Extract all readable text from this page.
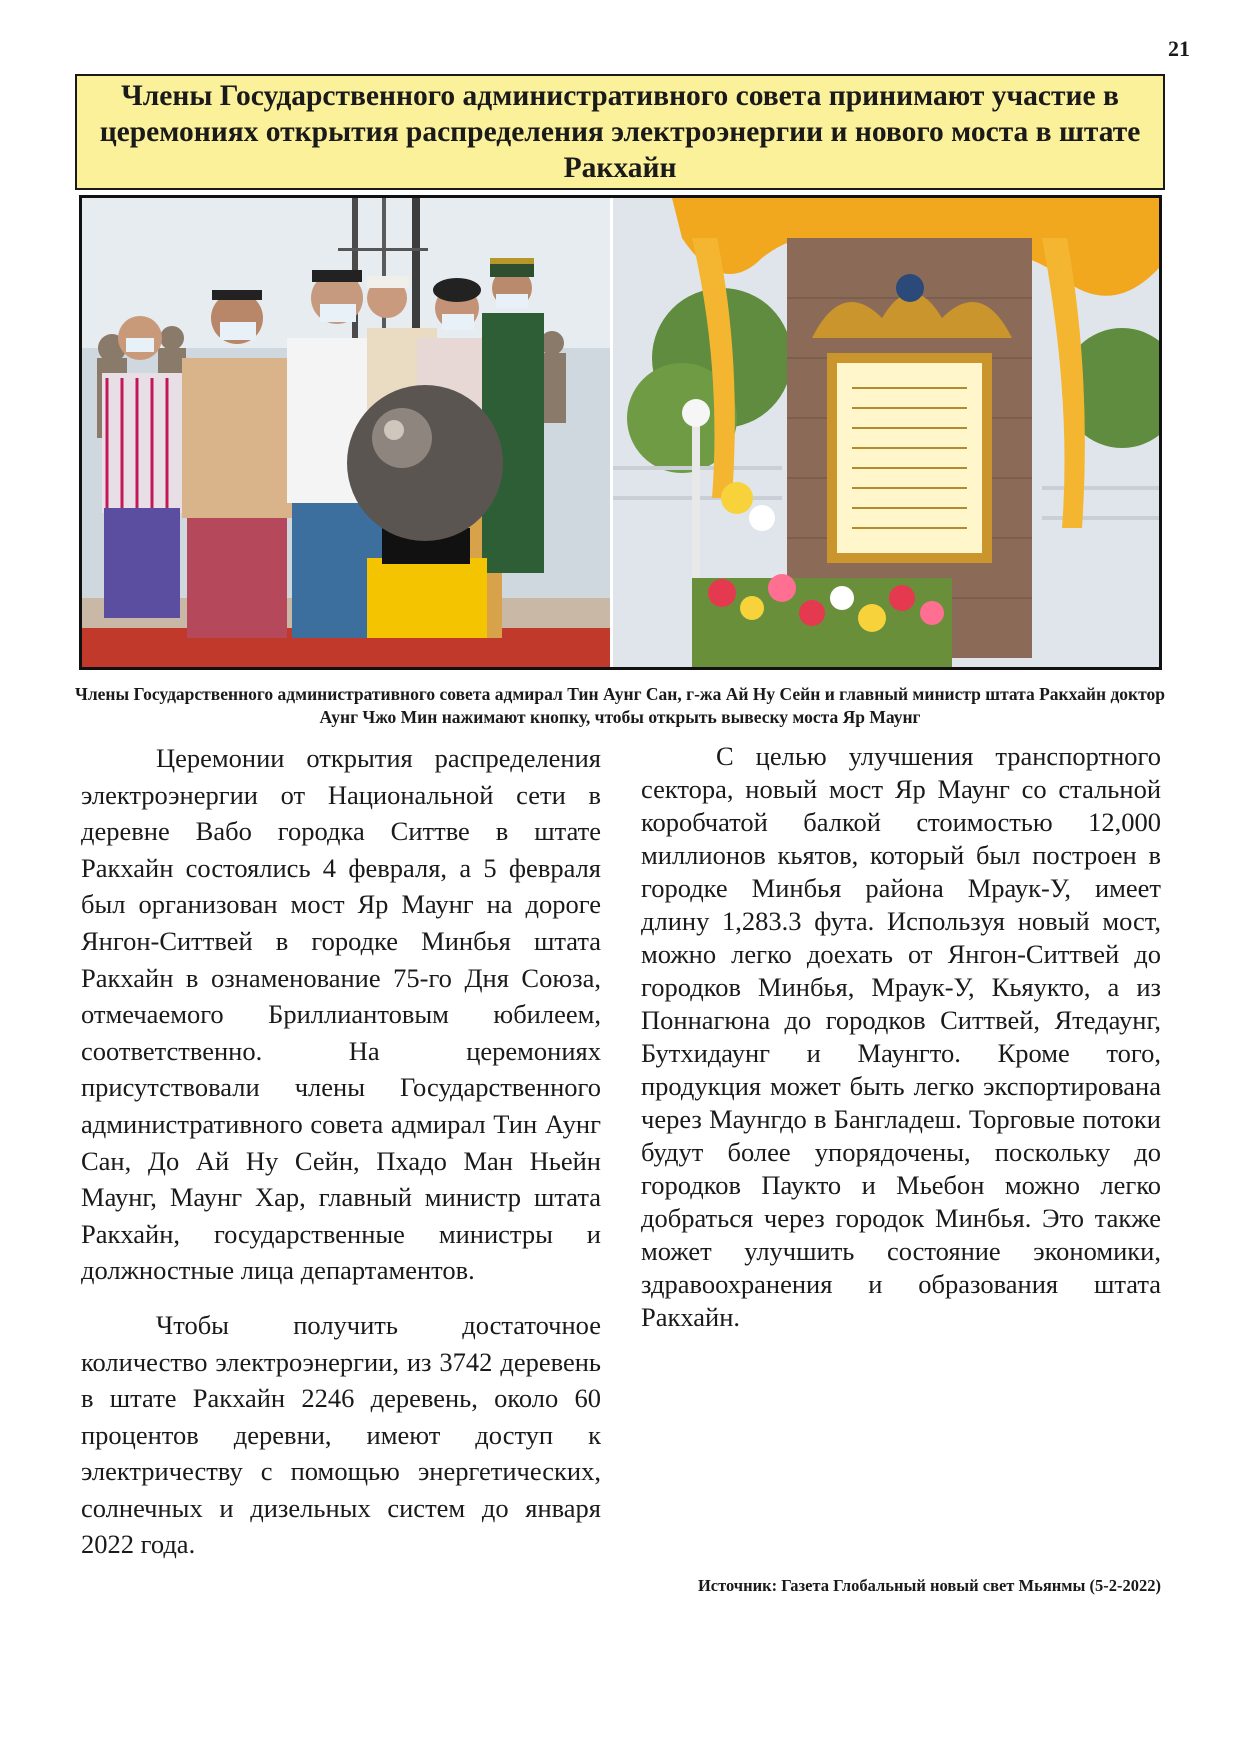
21
Члены Государственного административного совета принимают участие в церемониях открытия распределения электроэнергии и нового моста в штате Ракхайн
Члены Государственного административного совета адмирал Тин Аунг Сан, г-жа Ай Ну Сейн и главный министр штата Ракхайн доктор Аунг Чжо Мин нажимают кнопку, чтобы открыть вывеску моста Яр Маунг

Церемонии открытия распределения электроэнергии от Национальной сети в деревне Вабо городка Ситтве в штате Ракхайн состоялись 4 февраля, а 5 февраля был организован мост Яр Маунг на дороге Янгон-Ситтвей в городке Минбья штата Ракхайн в ознаменование 75-го Дня Союза, отмечаемого Бриллиантовым юбилеем, соответственно. На церемониях присутствовали члены Государственного административного совета адмирал Тин Аунг Сан, До Ай Ну Сейн, Пхадо Ман Ньейн Маунг, Маунг Хар, главный министр штата Ракхайн, государственные министры и должностные лица департаментов.

Чтобы получить достаточное количество электроэнергии, из 3742 деревень в штате Ракхайн 2246 деревень, около 60 процентов деревни, имеют доступ к электричеству с помощью энергетических, солнечных и дизельных систем до января 2022 года.

С целью улучшения транспортного сектора, новый мост Яр Маунг со стальной коробчатой балкой стоимостью 12,000 миллионов кьятов, который был построен в городке Минбья района Мраук-У, имеет длину 1,283.3 фута. Используя новый мост, можно легко доехать от Янгон-Ситтвей до городков Минбья, Мраук-У, Кьяукто, а из Поннагюна до городков Ситтвей, Ятедаунг, Бутхидаунг и Маунгто. Кроме того, продукция может быть легко экспортирована через Маунгдо в Бангладеш. Торговые потоки будут более упорядочены, поскольку до городков Паукто и Мьебон можно легко добраться через городок Минбья. Это также может улучшить состояние экономики, здравоохранения и образования штата Ракхайн.

Источник: Газета Глобальный новый свет Мьянмы (5-2-2022)
